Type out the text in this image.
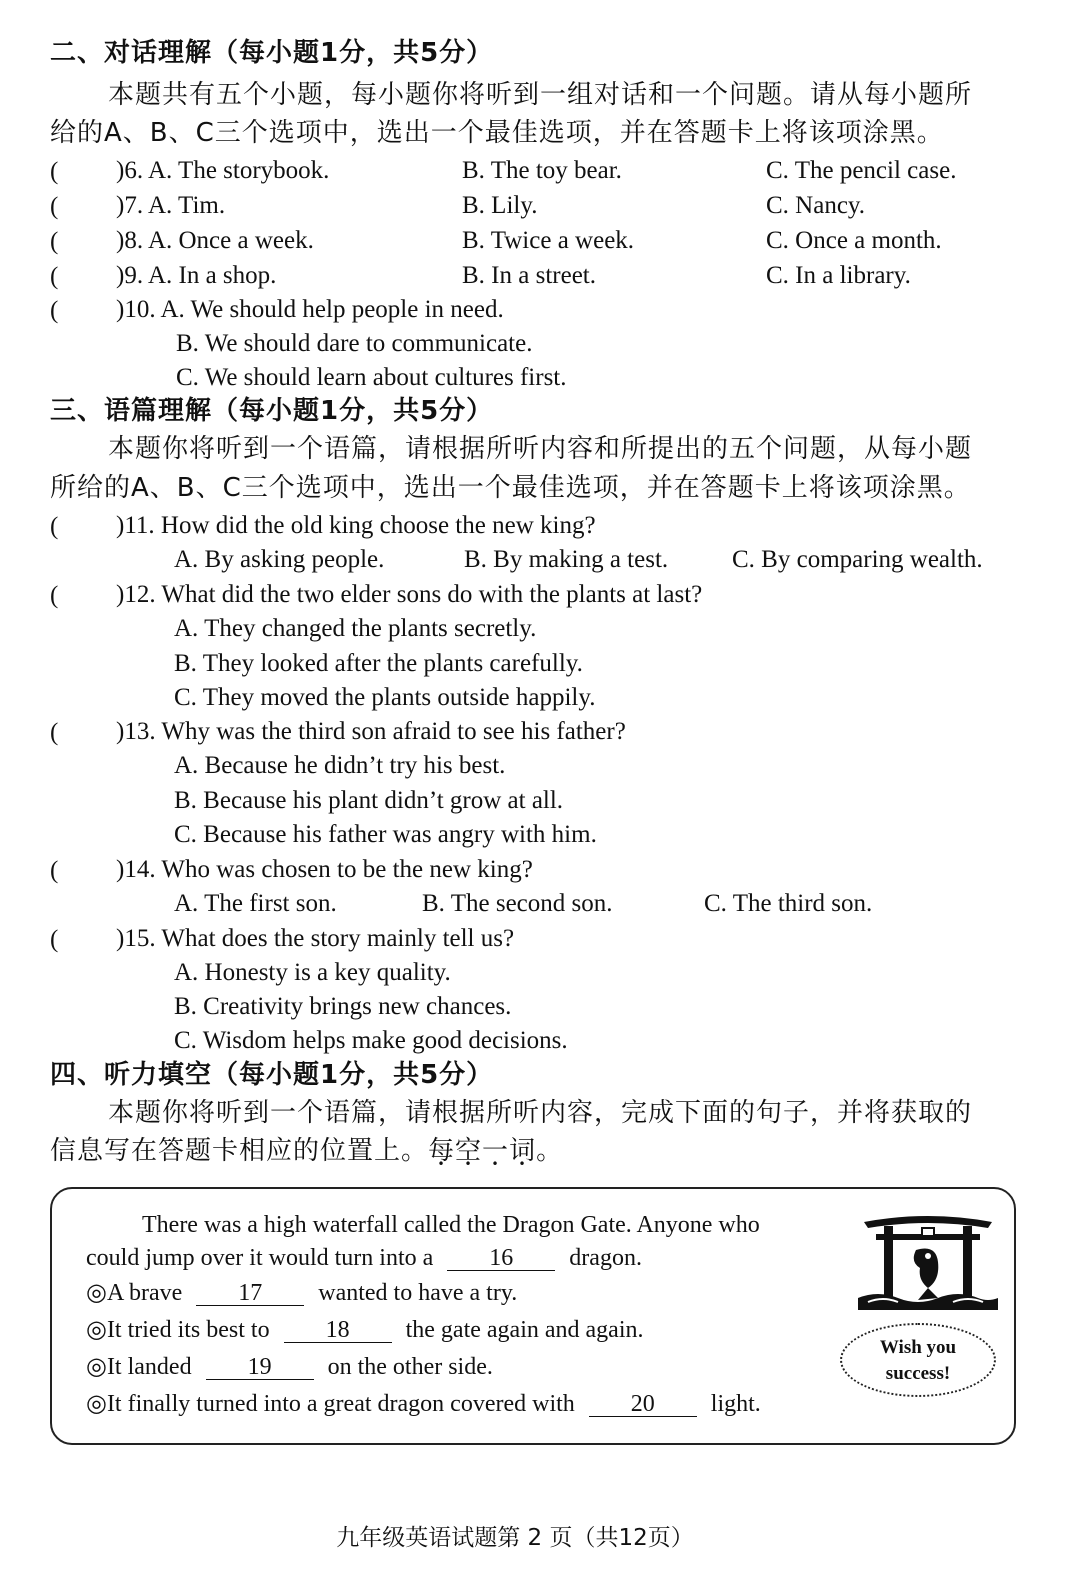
二、对话理解（每小题1分，共5分）
本题共有五个小题，每小题你将听到一组对话和一个问题。请从每小题所
给的A、B、C三个选项中，选出一个最佳选项，并在答题卡上将该项涂黑。
( )6. A. The storybook.	B. The toy bear.	C. The pencil case.
( )7. A. Tim.	B. Lily.	C. Nancy.
( )8. A. Once a week.	B. Twice a week.	C. Once a month.
( )9. A. In a shop.	B. In a street.	C. In a library.
( )10. A. We should help people in need.
B. We should dare to communicate.
C. We should learn about cultures first.
三、语篇理解（每小题1分，共5分）
本题你将听到一个语篇，请根据所听内容和所提出的五个问题，从每小题
所给的A、B、C三个选项中，选出一个最佳选项，并在答题卡上将该项涂黑。
( )11. How did the old king choose the new king?
A. By asking people.	B. By making a test.	C. By comparing wealth.
( )12. What did the two elder sons do with the plants at last?
A. They changed the plants secretly.
B. They looked after the plants carefully.
C. They moved the plants outside happily.
( )13. Why was the third son afraid to see his father?
A. Because he didn’t try his best.
B. Because his plant didn’t grow at all.
C. Because his father was angry with him.
( )14. Who was chosen to be the new king?
A. The first son.	B. The second son.	C. The third son.
( )15. What does the story mainly tell us?
A. Honesty is a key quality.
B. Creativity brings new chances.
C. Wisdom helps make good decisions.
四、听力填空（每小题1分，共5分）
本题你将听到一个语篇，请根据所听内容，完成下面的句子，并将获取的
信息写在答题卡相应的位置上。每空一词。
There was a high waterfall called the Dragon Gate. Anyone who
could jump over it would turn into a 16 dragon.
◎A brave 17 wanted to have a try.
◎It tried its best to 18 the gate again and again.
◎It landed 19 on the other side.
◎It finally turned into a great dragon covered with 20 light.
Wish you
success!
九年级英语试题第 2 页（共12页）
